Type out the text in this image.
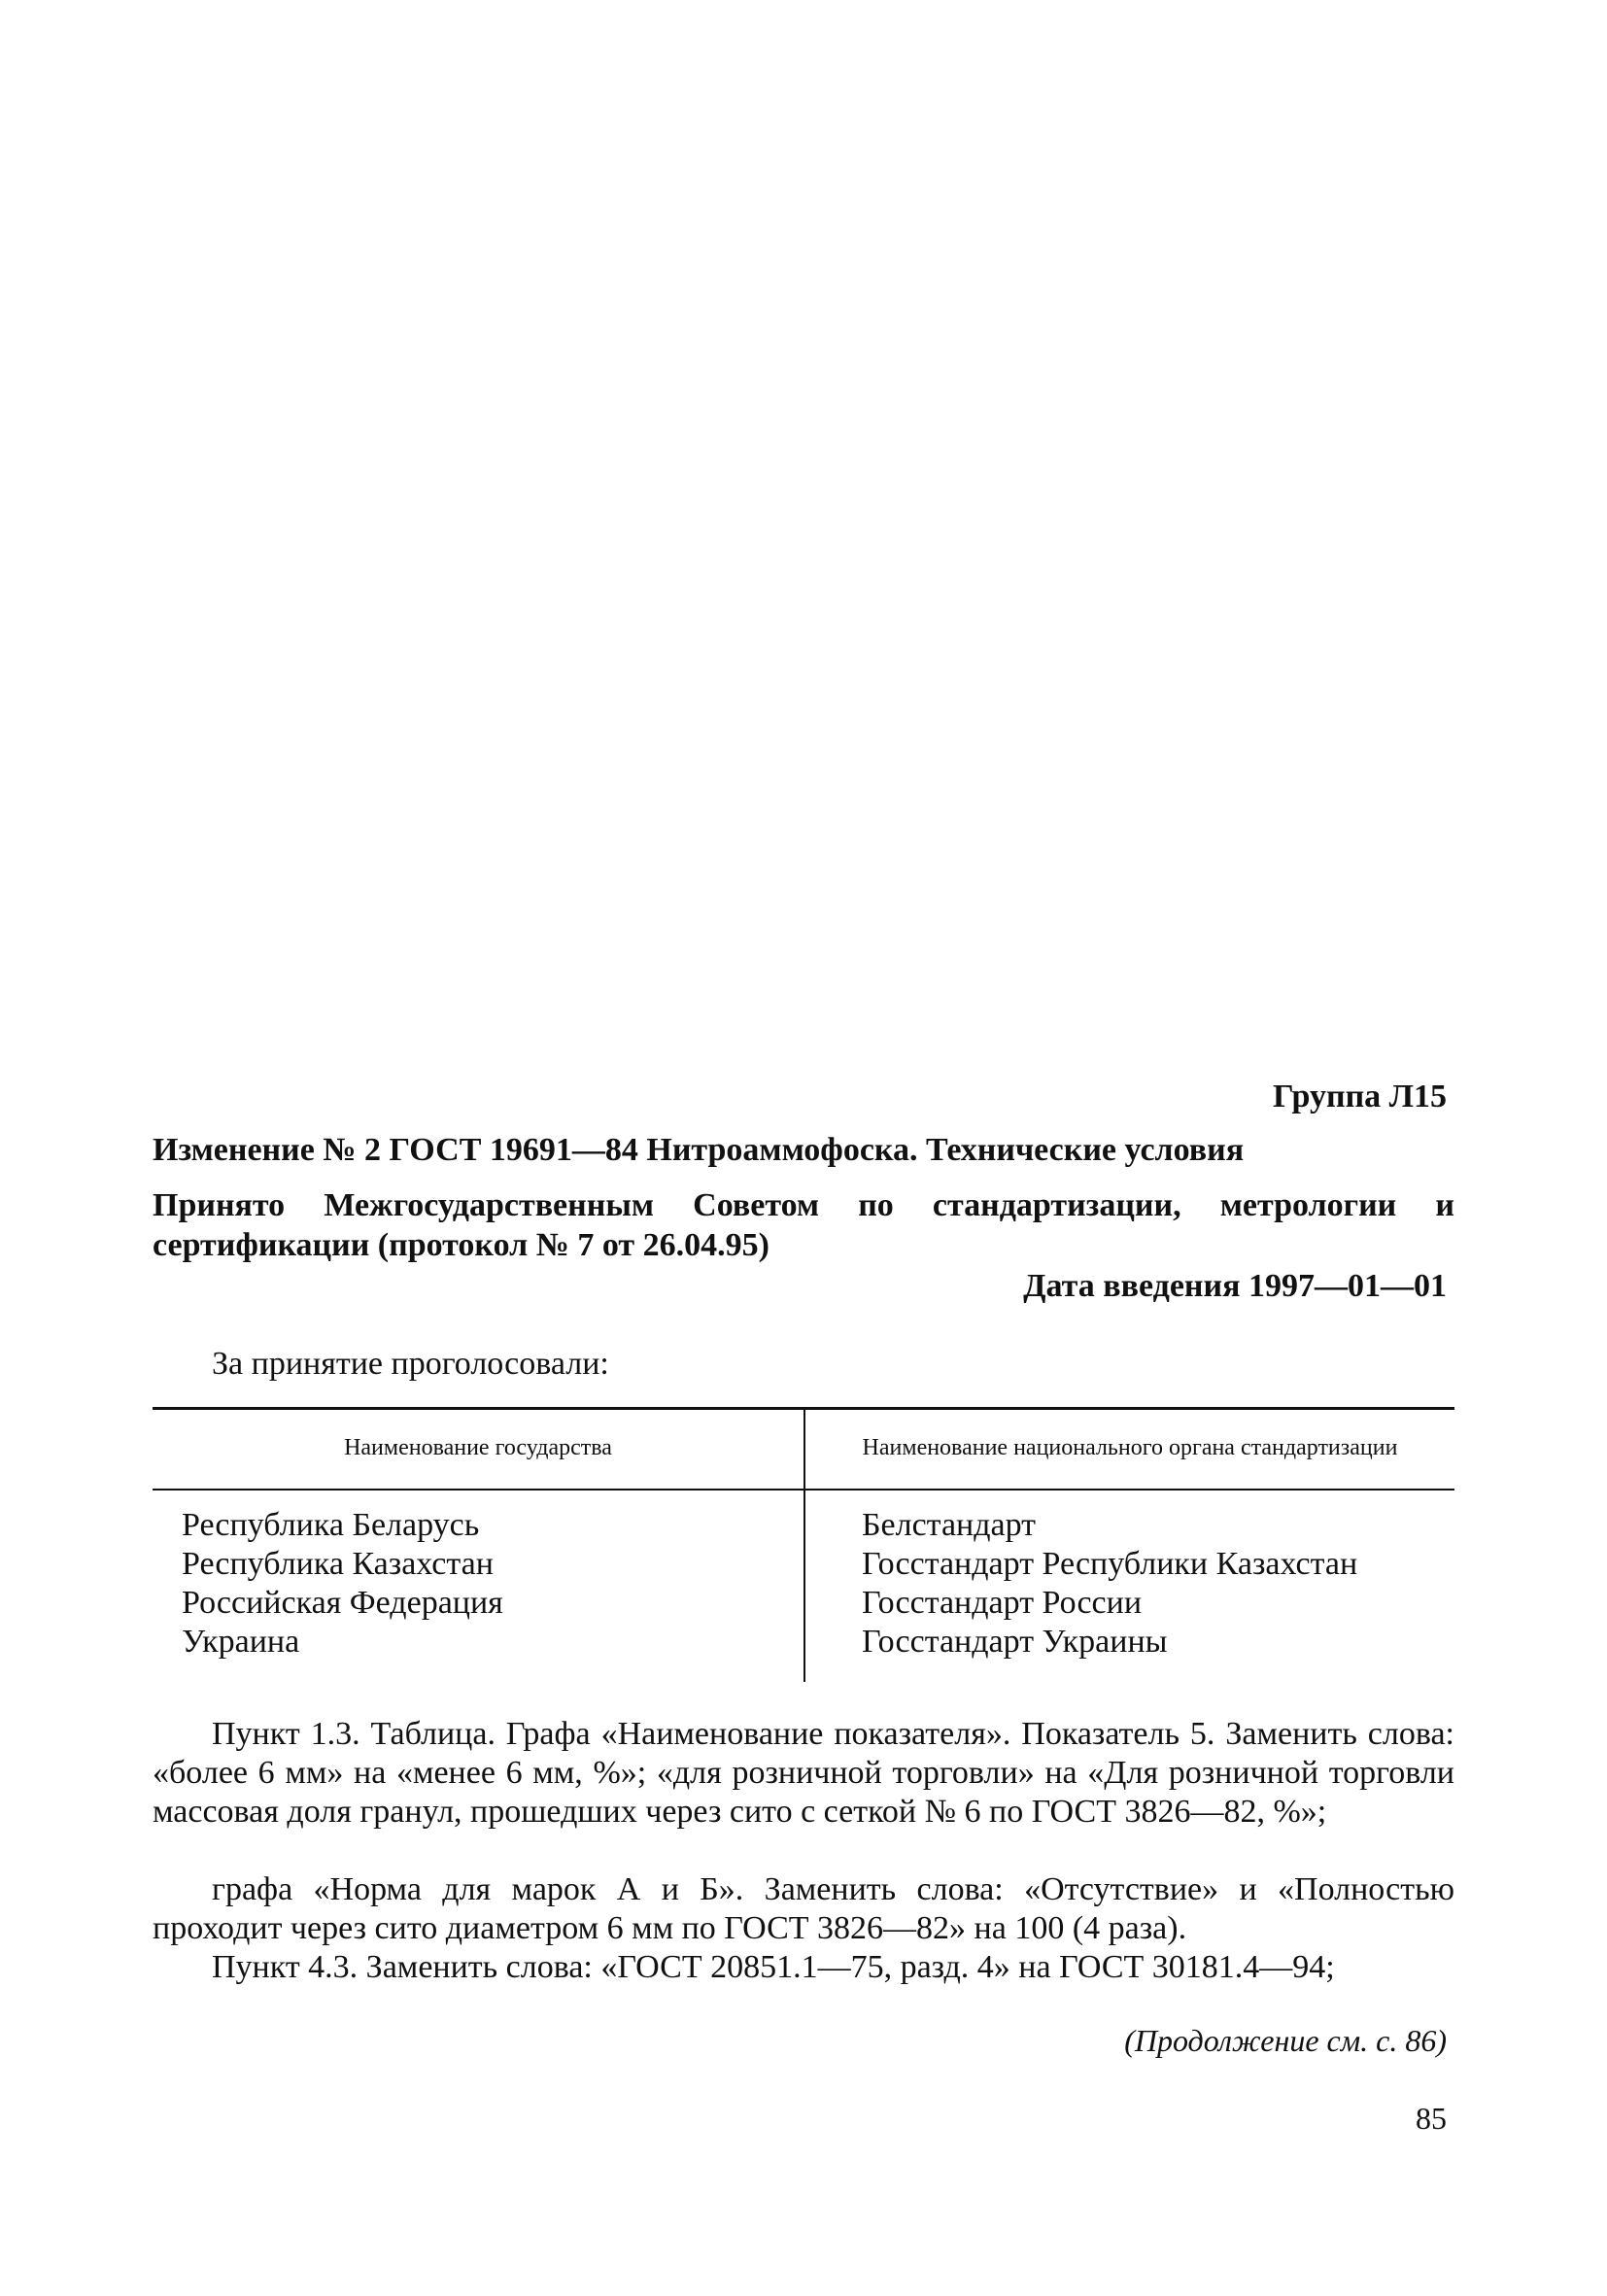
Группа Л15
Изменение № 2 ГОСТ 19691—84 Нитроаммофоска. Технические условия
Принято Межгосударственным Советом по стандартизации, метрологии и сертификации (протокол № 7 от 26.04.95)
Дата введения 1997—01—01
За принятие проголосовали:
Наименование государства	Наименование национального органа стандартизации
Республика Беларусь
Республика Казахстан
Российская Федерация
Украина
Белстандарт
Госстандарт Республики Казахстан
Госстандарт России
Госстандарт Украины
Пункт 1.3. Таблица. Графа «Наименование показателя». Показатель 5. Заменить слова: «более 6 мм» на «менее 6 мм, %»; «для розничной торговли» на «Для розничной торговли массовая доля гранул, прошедших через сито с сеткой № 6 по ГОСТ 3826—82, %»;
графа «Норма для марок А и Б». Заменить слова: «Отсутствие» и «Полностью проходит через сито диаметром 6 мм по ГОСТ 3826—82» на 100 (4 раза).
Пункт 4.3. Заменить слова: «ГОСТ 20851.1—75, разд. 4» на ГОСТ 30181.4—94;
(Продолжение см. с. 86)
85
